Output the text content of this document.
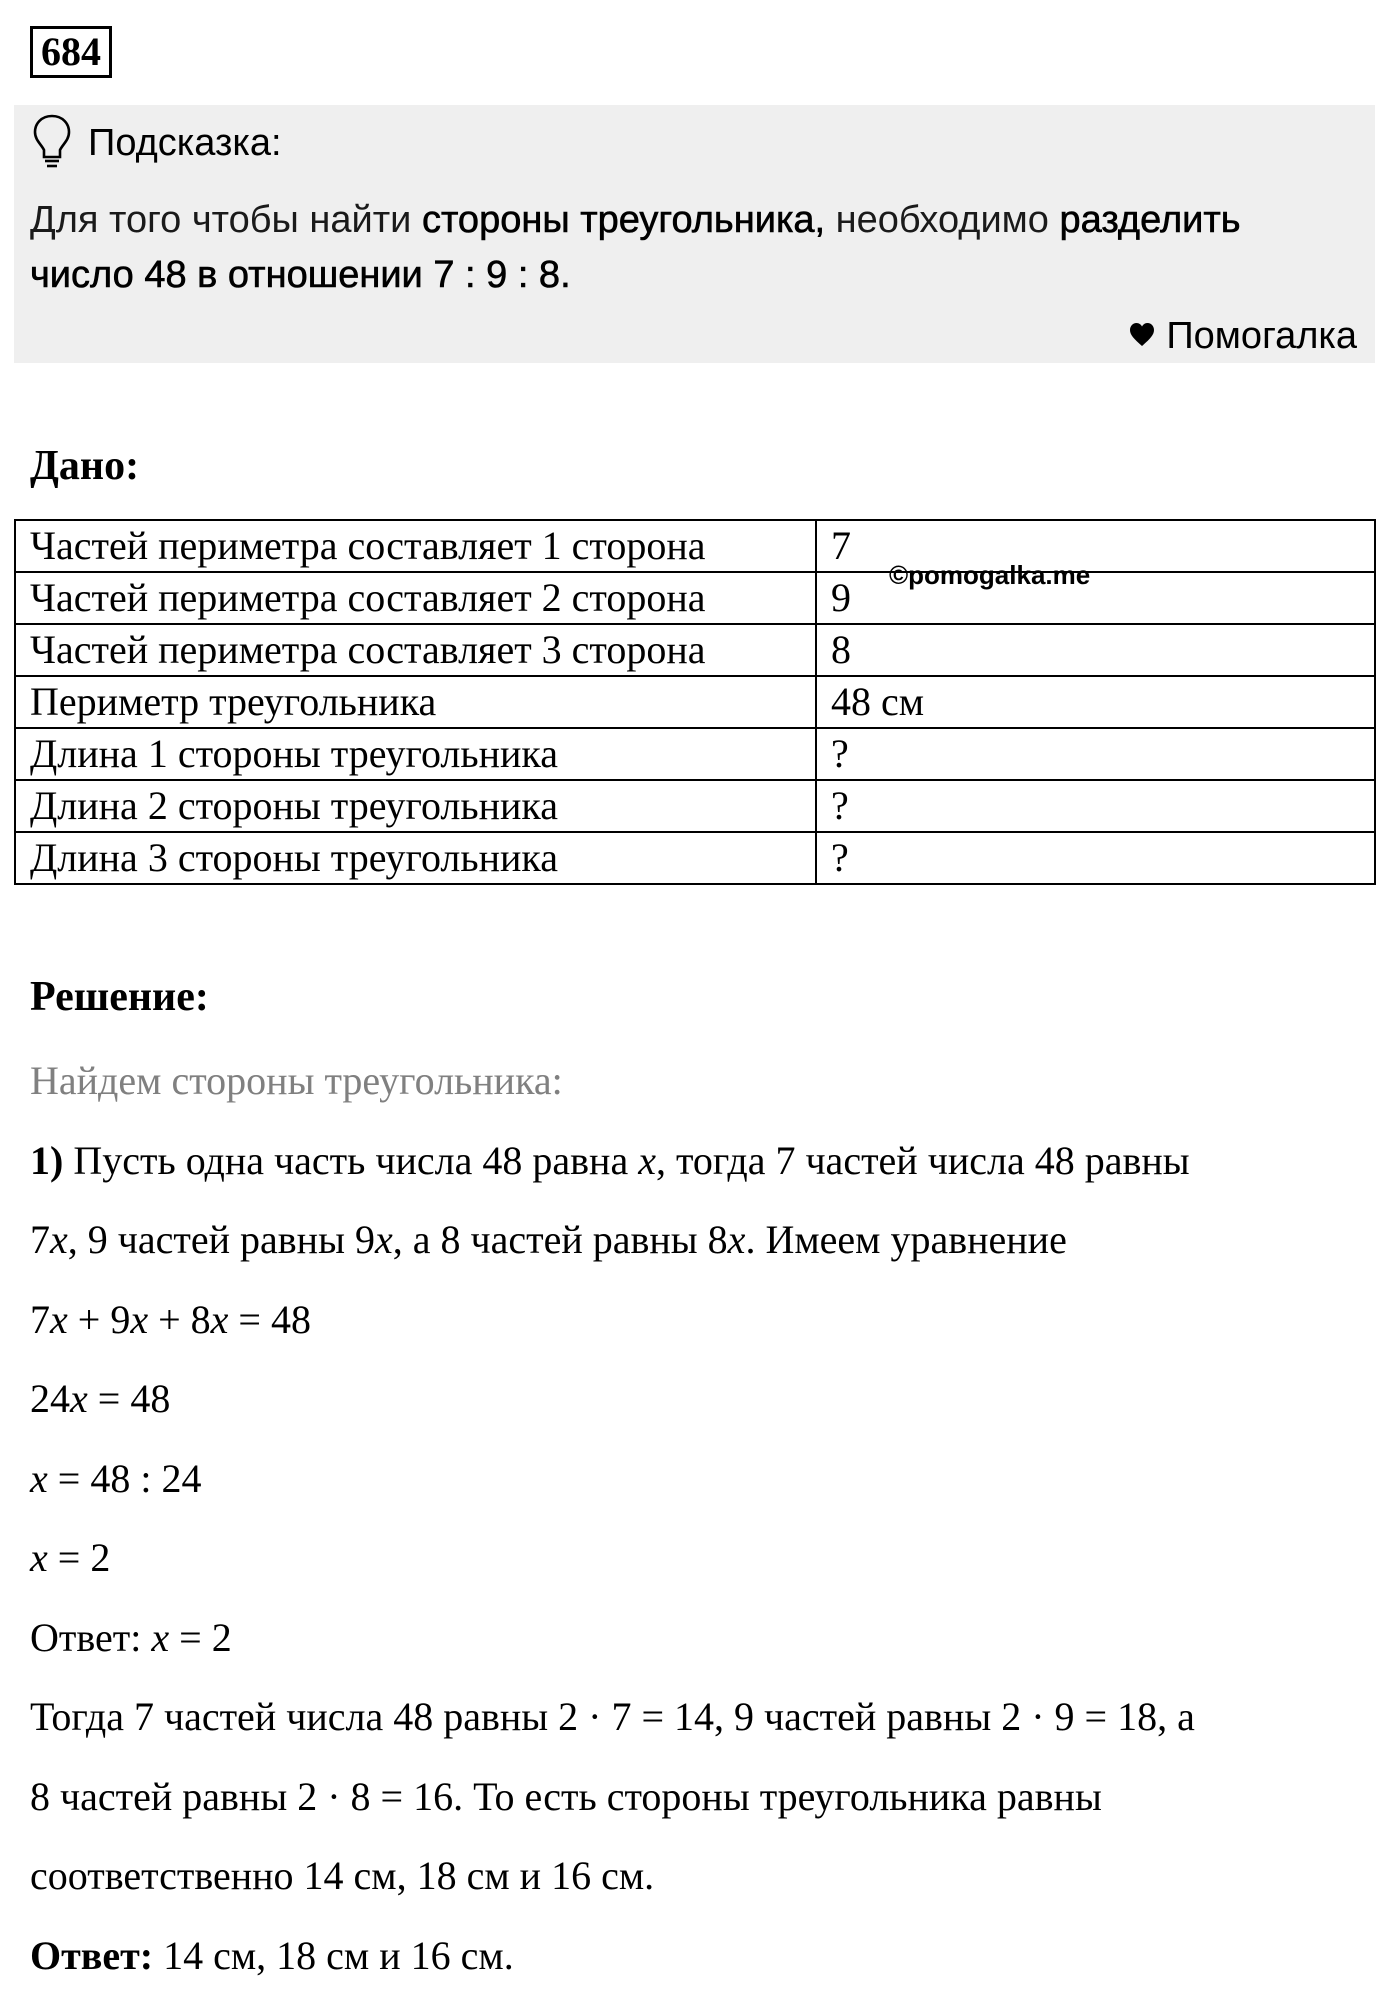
684
Подсказка:
Для того чтобы найти стороны треугольника, необходимо разделить
число 48 в отношении 7 : 9 : 8.
Помогалка
Дано:
Частей периметра составляет 1 сторона	7
Частей периметра составляет 2 сторона	9
Частей периметра составляет 3 сторона	8
Периметр треугольника	48 см
Длина 1 стороны треугольника	?
Длина 2 стороны треугольника	?
Длина 3 стороны треугольника	?
©pomogalka.me
Решение:
Найдем стороны треугольника:
1) Пусть одна часть числа 48 равна x, тогда 7 частей числа 48 равны
7x, 9 частей равны 9x, а 8 частей равны 8x. Имеем уравнение
7x + 9x + 8x = 48
24x = 48
x = 48 : 24
x = 2
Ответ: x = 2
Тогда 7 частей числа 48 равны 2 · 7 = 14, 9 частей равны 2 · 9 = 18, а
8 частей равны 2 · 8 = 16. То есть стороны треугольника равны
соответственно 14 см, 18 см и 16 см.
Ответ: 14 см, 18 см и 16 см.
